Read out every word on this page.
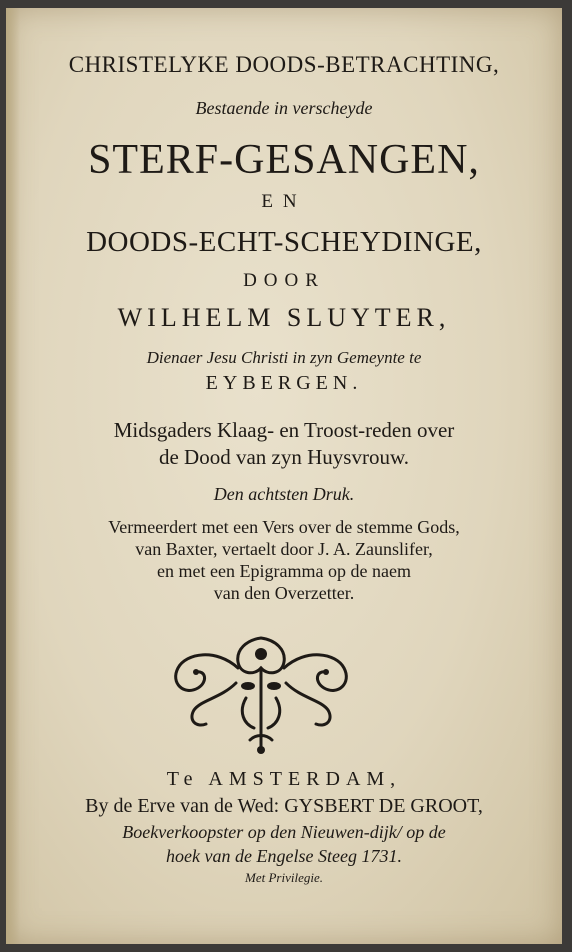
CHRISTELYKE DOODS-BETRACHTING,
Bestaende in verscheyde
STERF-GESANGEN,
EN
DOODS-ECHT-SCHEYDINGE,
DOOR
WILHELM SLUYTER,
Dienaer Jesu Christi in zyn Gemeynte te
EYBERGEN.
Midsgaders Klaag- en Troost-reden over
de Dood van zyn Huysvrouw.
Den achtsten Druk.
Vermeerdert met een Vers over de stemme Gods,
van Baxter, vertaelt door J. A. Zaunslifer,
en met een Epigramma op de naem
van den Overzetter.
Te AMSTERDAM,
By de Erve van de Wed: GYSBERT DE GROOT,
Boekverkoopster op den Nieuwen-dijk/ op de
hoek van de Engelse Steeg 1731.
Met Privilegie.
